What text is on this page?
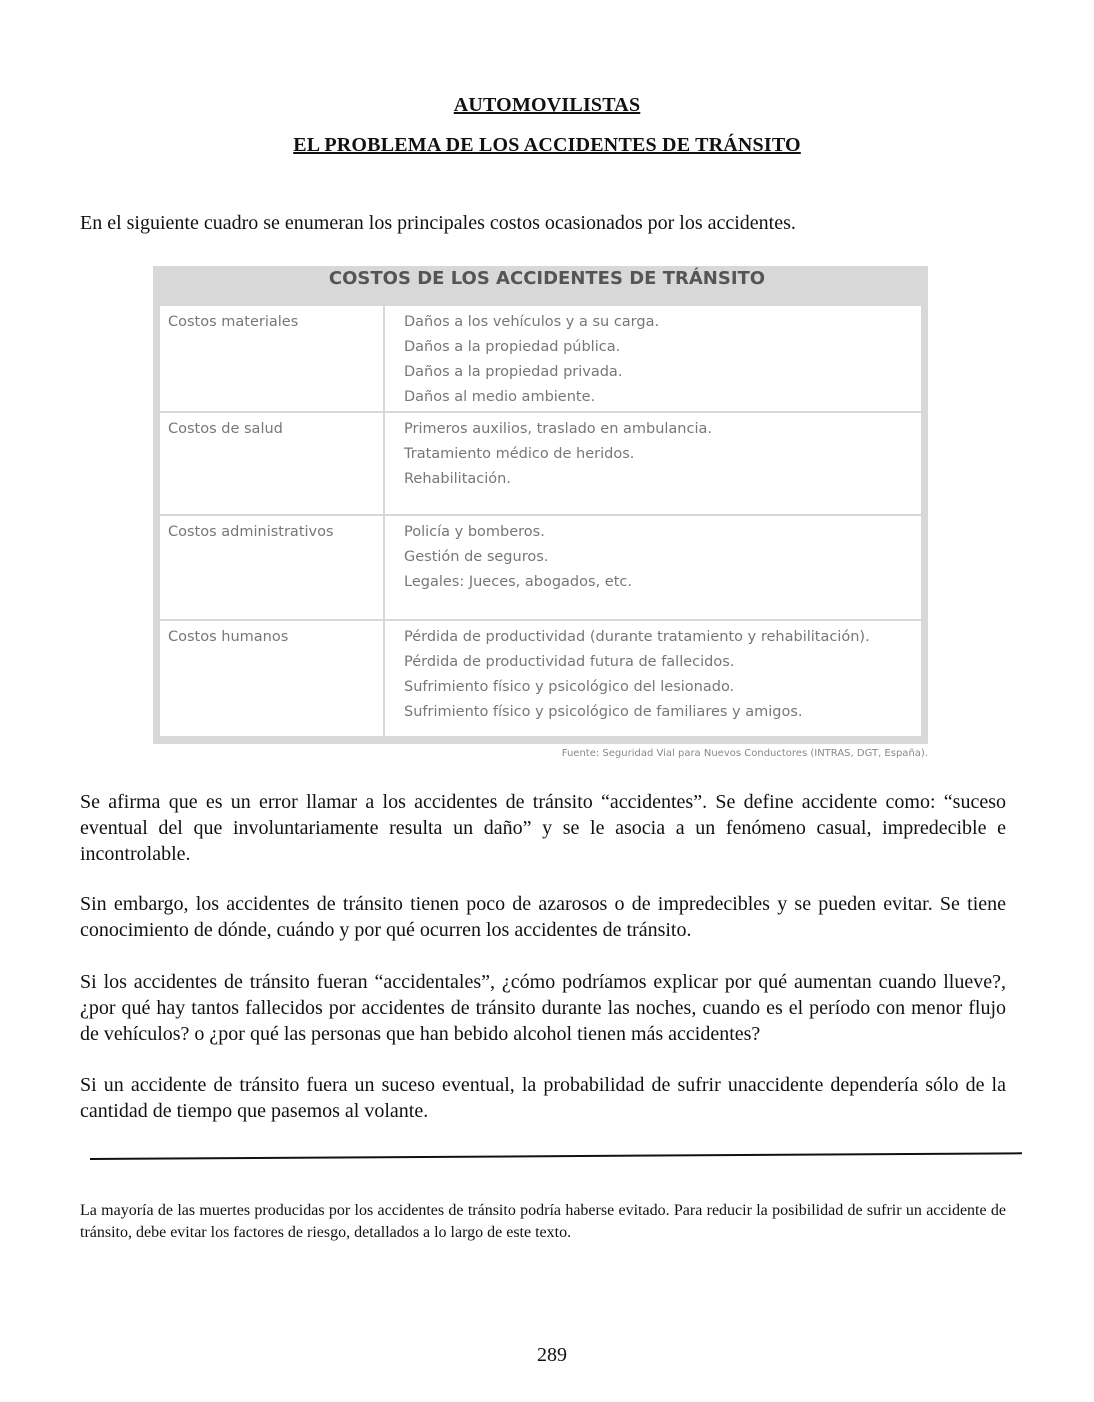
AUTOMOVILISTAS
EL PROBLEMA DE LOS ACCIDENTES DE TRÁNSITO
En el siguiente cuadro se enumeran los principales costos ocasionados por los accidentes.
COSTOS DE LOS ACCIDENTES DE TRÁNSITO
Costos materiales	Daños a los vehículos y a su carga.
Daños a la propiedad pública.
Daños a la propiedad privada.
Daños al medio ambiente.
Costos de salud	Primeros auxilios, traslado en ambulancia.
Tratamiento médico de heridos.
Rehabilitación.
Costos administrativos	Policía y bomberos.
Gestión de seguros.
Legales: Jueces, abogados, etc.
Costos humanos	Pérdida de productividad (durante tratamiento y rehabilitación).
Pérdida de productividad futura de fallecidos.
Sufrimiento físico y psicológico del lesionado.
Sufrimiento físico y psicológico de familiares y amigos.
Fuente: Seguridad Vial para Nuevos Conductores (INTRAS, DGT, España).
Se afirma que es un error llamar a los accidentes de tránsito “accidentes”. Se define accidente como: “suceso eventual del que involuntariamente resulta un daño” y se le asocia a un fenómeno casual, impredecible e incontrolable.
Sin embargo, los accidentes de tránsito tienen poco de azarosos o de impredecibles y se pueden evitar. Se tiene conocimiento de dónde, cuándo y por qué ocurren los accidentes de tránsito.
Si los accidentes de tránsito fueran “accidentales”, ¿cómo podríamos explicar por qué aumentan cuando llueve?, ¿por qué hay tantos fallecidos por accidentes de tránsito durante las noches, cuando es el período con menor flujo de vehículos? o ¿por qué las personas que han bebido alcohol tienen más accidentes?
Si un accidente de tránsito fuera un suceso eventual, la probabilidad de sufrir unaccidente dependería sólo de la cantidad de tiempo que pasemos al volante.
La mayoría de las muertes producidas por los accidentes de tránsito podría haberse evitado. Para reducir la posibilidad de sufrir un accidente de tránsito, debe evitar los factores de riesgo, detallados a lo largo de este texto.
289
